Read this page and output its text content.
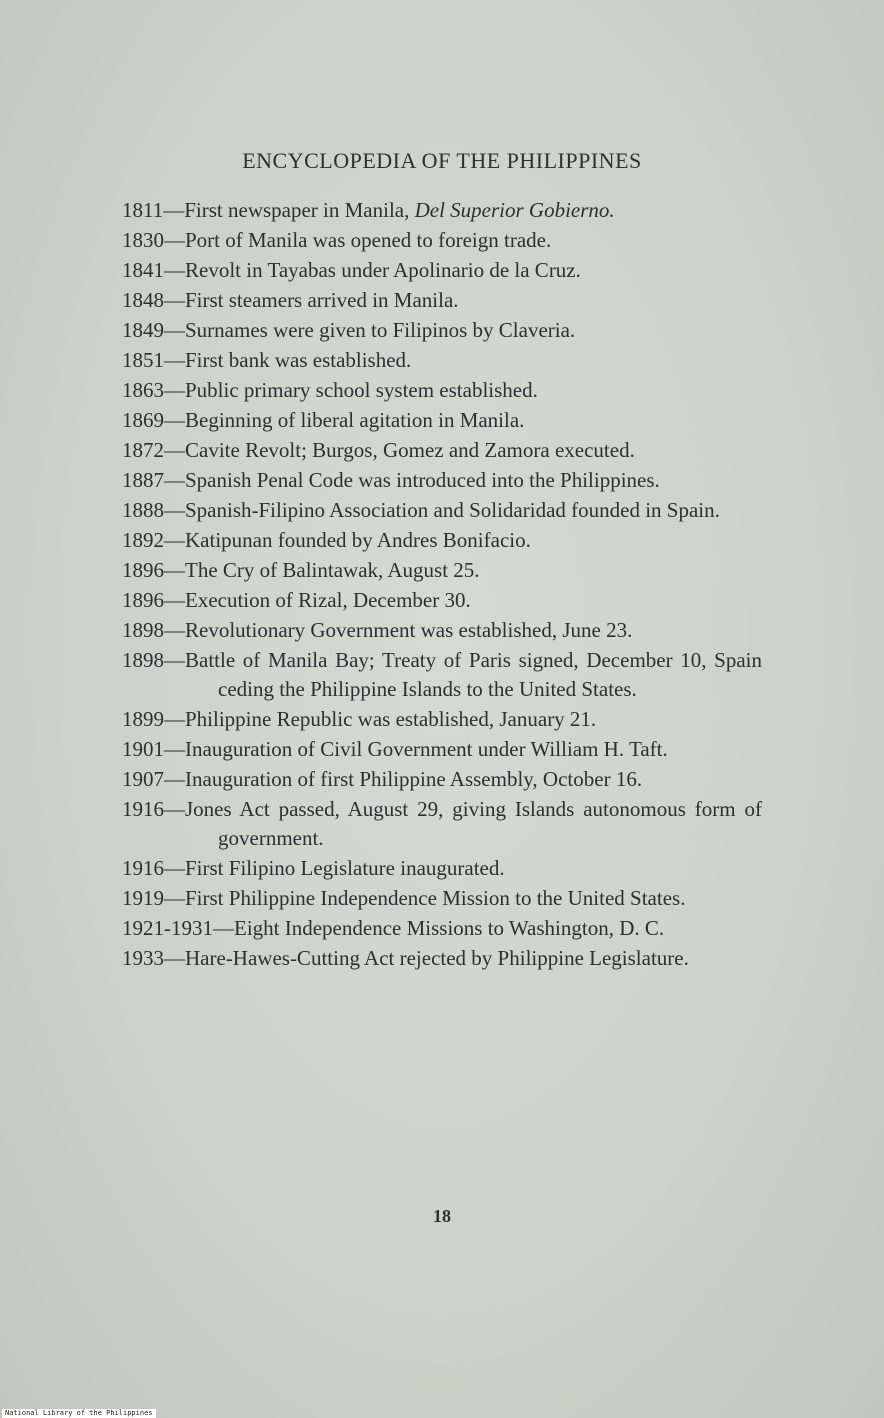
ENCYCLOPEDIA OF THE PHILIPPINES
1811—First newspaper in Manila, Del Superior Gobierno.
1830—Port of Manila was opened to foreign trade.
1841—Revolt in Tayabas under Apolinario de la Cruz.
1848—First steamers arrived in Manila.
1849—Surnames were given to Filipinos by Claveria.
1851—First bank was established.
1863—Public primary school system established.
1869—Beginning of liberal agitation in Manila.
1872—Cavite Revolt; Burgos, Gomez and Zamora executed.
1887—Spanish Penal Code was introduced into the Philippines.
1888—Spanish-Filipino Association and Solidaridad founded in Spain.
1892—Katipunan founded by Andres Bonifacio.
1896—The Cry of Balintawak, August 25.
1896—Execution of Rizal, December 30.
1898—Revolutionary Government was established, June 23.
1898—Battle of Manila Bay; Treaty of Paris signed, December 10, Spain ceding the Philippine Islands to the United States.
1899—Philippine Republic was established, January 21.
1901—Inauguration of Civil Government under William H. Taft.
1907—Inauguration of first Philippine Assembly, October 16.
1916—Jones Act passed, August 29, giving Islands autonomous form of government.
1916—First Filipino Legislature inaugurated.
1919—First Philippine Independence Mission to the United States.
1921-1931—Eight Independence Missions to Washington, D. C.
1933—Hare-Hawes-Cutting Act rejected by Philippine Legislature.
18
National Library of the Philippines
